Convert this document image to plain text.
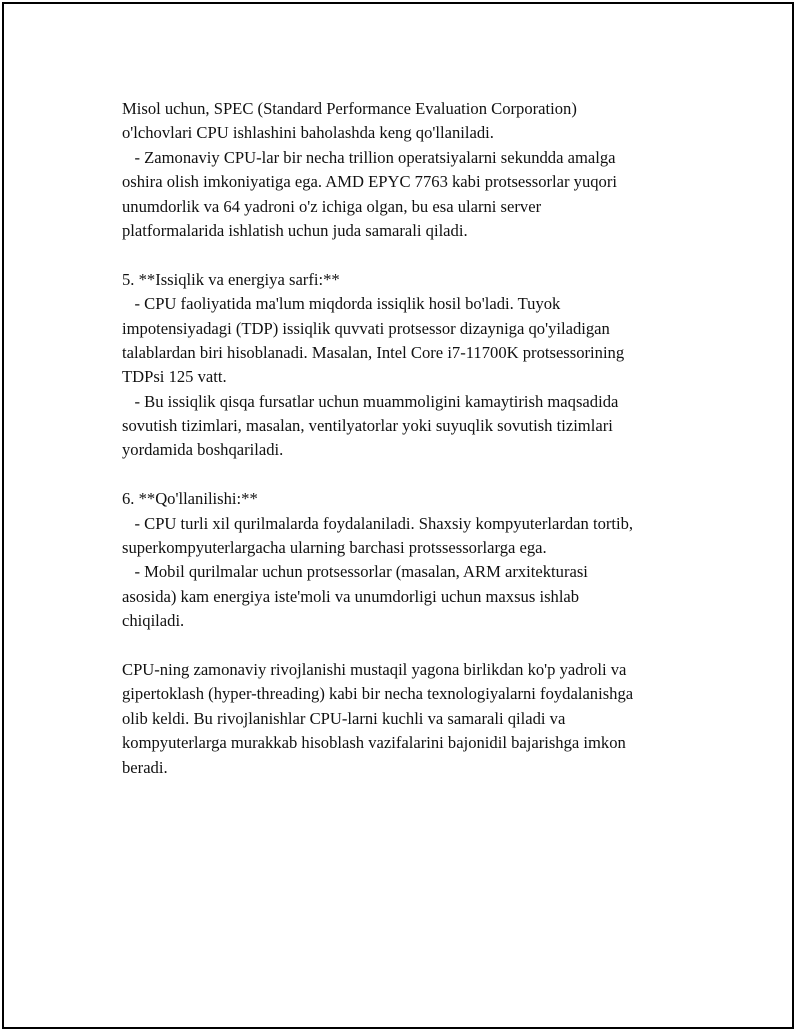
Misol uchun, SPEC (Standard Performance Evaluation Corporation)
o'lchovlari CPU ishlashini baholashda keng qo'llaniladi.
- Zamonaviy CPU-lar bir necha trillion operatsiyalarni sekundda amalga
oshira olish imkoniyatiga ega. AMD EPYC 7763 kabi protsessorlar yuqori
unumdorlik va 64 yadroni o'z ichiga olgan, bu esa ularni server
platformalarida ishlatish uchun juda samarali qiladi.
5. **Issiqlik va energiya sarfi:**
- CPU faoliyatida ma'lum miqdorda issiqlik hosil bo'ladi. Tuyok
impotensiyadagi (TDP) issiqlik quvvati protsessor dizayniga qo'yiladigan
talablardan biri hisoblanadi. Masalan, Intel Core i7-11700K protsessorining
TDPsi 125 vatt.
- Bu issiqlik qisqa fursatlar uchun muammoligini kamaytirish maqsadida
sovutish tizimlari, masalan, ventilyatorlar yoki suyuqlik sovutish tizimlari
yordamida boshqariladi.
6. **Qo'llanilishi:**
- CPU turli xil qurilmalarda foydalaniladi. Shaxsiy kompyuterlardan tortib,
superkompyuterlargacha ularning barchasi protssessorlarga ega.
- Mobil qurilmalar uchun protsessorlar (masalan, ARM arxitekturasi
asosida) kam energiya iste'moli va unumdorligi uchun maxsus ishlab
chiqiladi.
CPU-ning zamonaviy rivojlanishi mustaqil yagona birlikdan ko'p yadroli va
gipertoklash (hyper-threading) kabi bir necha texnologiyalarni foydalanishga
olib keldi. Bu rivojlanishlar CPU-larni kuchli va samarali qiladi va
kompyuterlarga murakkab hisoblash vazifalarini bajonidil bajarishga imkon
beradi.
